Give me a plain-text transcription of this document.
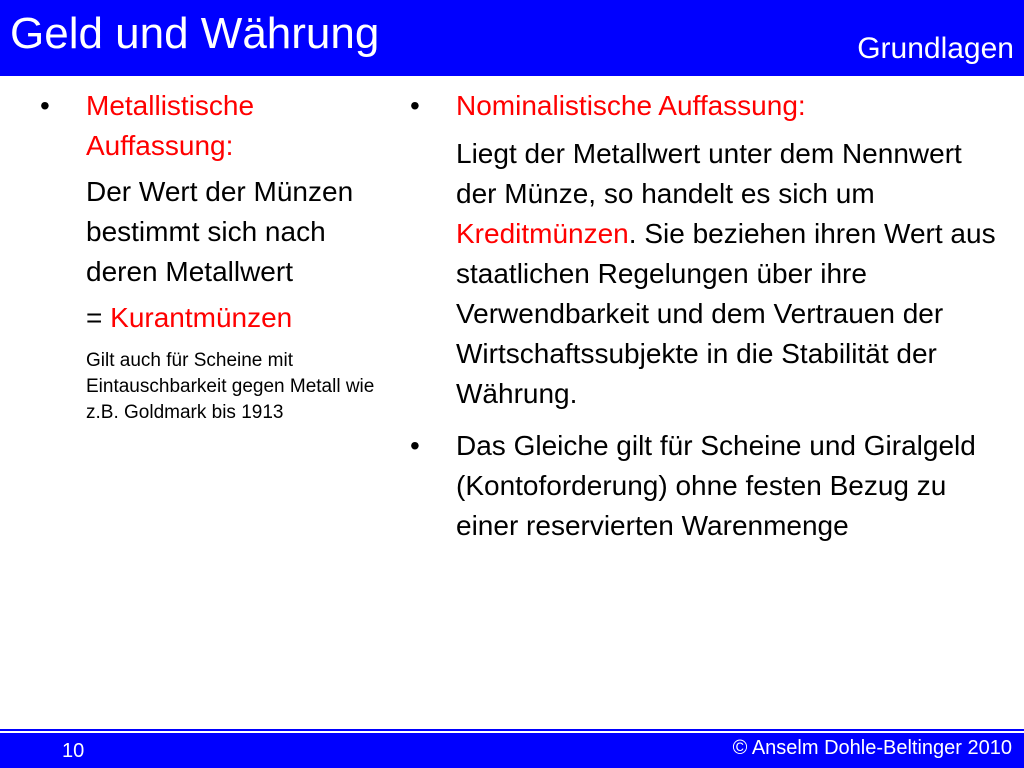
Geld und Währung	Grundlagen
•	Metallistische Auffassung:
Der Wert der Münzen bestimmt sich nach deren Metallwert
= Kurantmünzen
Gilt auch für Scheine mit Eintauschbarkeit gegen Metall wie z.B. Goldmark bis 1913
•	Nominalistische Auffassung:
Liegt der Metallwert unter dem Nennwert der Münze, so handelt es sich um Kreditmünzen. Sie beziehen ihren Wert aus staatlichen Regelungen über ihre Verwendbarkeit und dem Vertrauen der Wirtschaftssubjekte in die Stabilität der Währung.
•	Das Gleiche gilt für Scheine und Giralgeld (Kontoforderung) ohne festen Bezug zu einer reservierten Warenmenge
10	© Anselm Dohle-Beltinger 2010
